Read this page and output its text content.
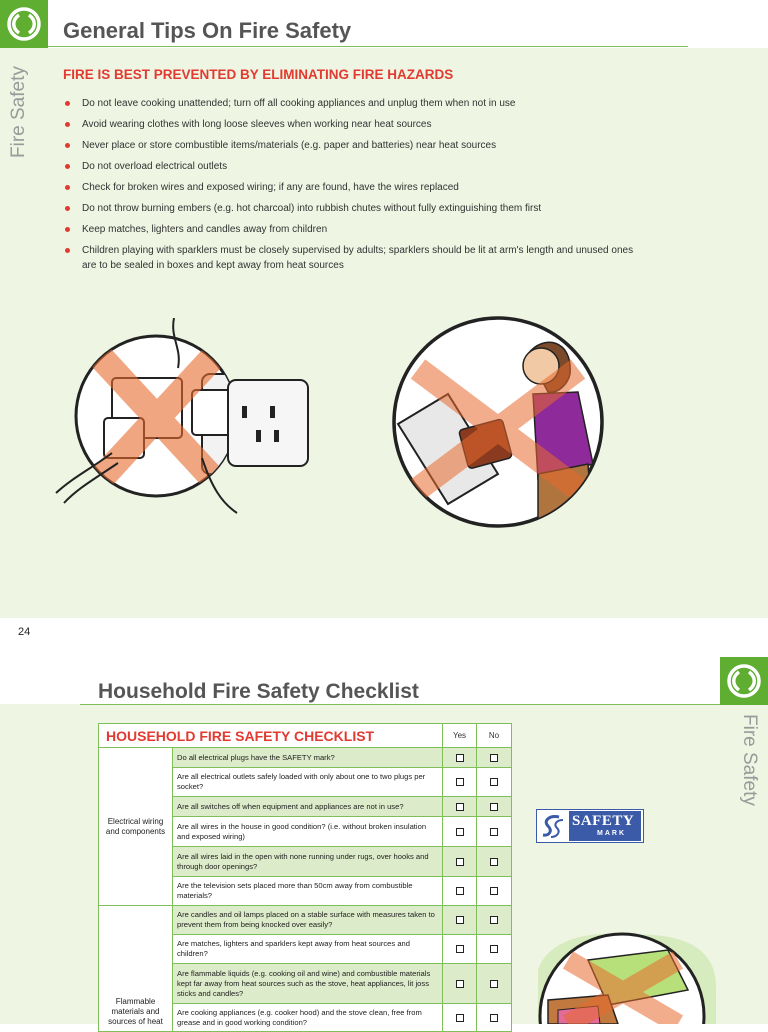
General Tips On Fire Safety
Fire Safety	FIRE IS BEST PREVENTED BY ELIMINATING FIRE HAZARDS
Do not leave cooking unattended; turn off all cooking appliances and unplug them when not in use
Avoid wearing clothes with long loose sleeves when working near heat sources
Never place or store combustible items/materials (e.g. paper and batteries) near heat sources
Do not overload electrical outlets
Check for broken wires and exposed wiring; if any are found, have the wires replaced
Do not throw burning embers (e.g. hot charcoal) into rubbish chutes without fully extinguishing them first
Keep matches, lighters and candles away from children
Children playing with sparklers must be closely supervised by adults; sparklers should be lit at arm's length and unused ones are to be sealed in boxes and kept away from heat sources
24
Household Fire Safety Checklist
Fire Safety
HOUSEHOLD FIRE SAFETY CHECKLIST		Yes	No
Electrical wiring and components	Do all electrical plugs have the SAFETY mark?		
	Are all electrical outlets safely loaded with only about one to two plugs per socket?		
	Are all switches off when equipment and appliances are not in use?		
	Are all wires in the house in good condition? (i.e. without broken insulation and exposed wiring)		
	Are all wires laid in the open with none running under rugs, over hooks and through door openings?		
	Are the television sets placed more than 50cm away from combustible materials?		
Flammable materials and sources of heat	Are candles and oil lamps placed on a stable surface with measures taken to prevent them from being knocked over easily?		
	Are matches, lighters and sparklers kept away from heat sources and children?		
	Are flammable liquids (e.g. cooking oil and wine) and combustible materials kept far away from heat sources such as the stove, heat appliances, lit joss sticks and candles?		
	Are cooking appliances (e.g. cooker hood) and the stove clean, free from grease and in good working condition?		
SAFETY
MARK
